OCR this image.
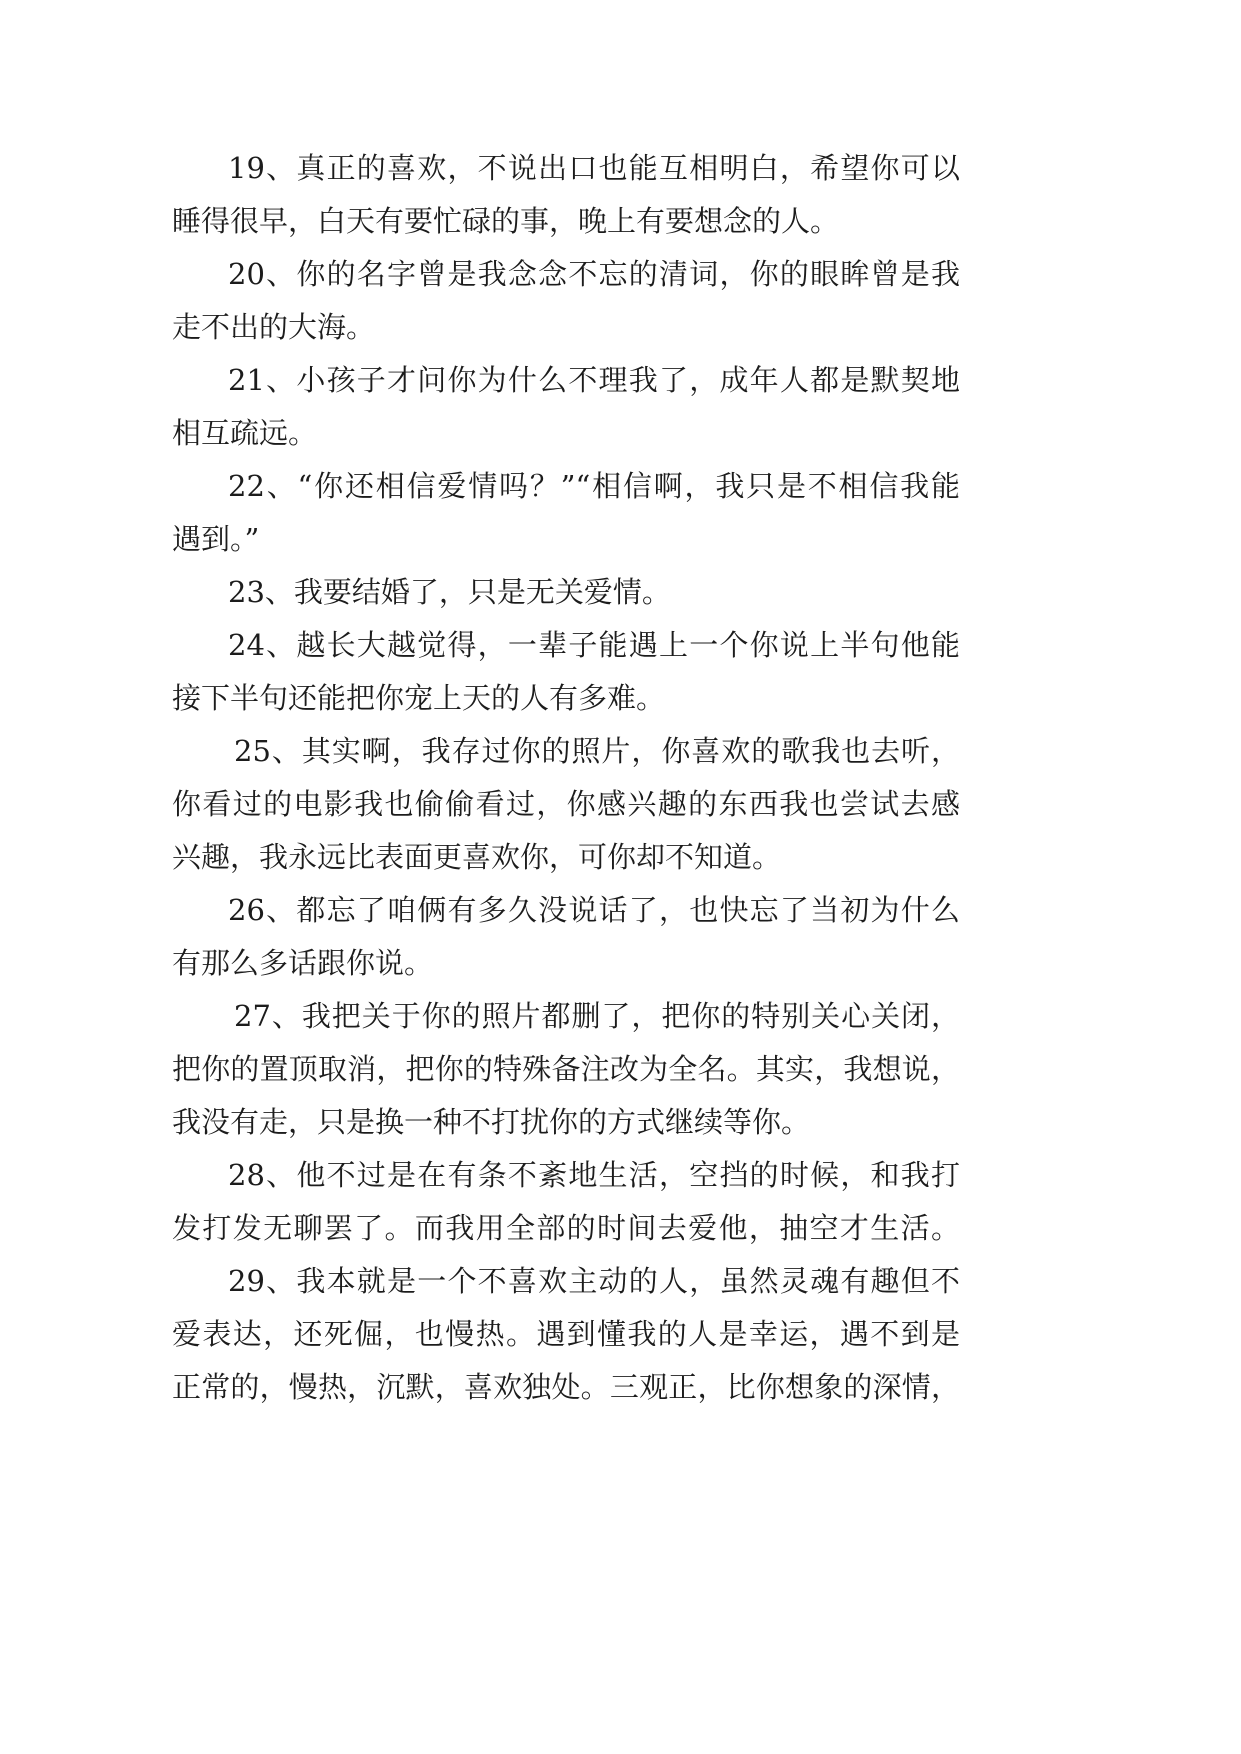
19、真正的喜欢，不说出口也能互相明白，希望你可以
睡得很早，白天有要忙碌的事，晚上有要想念的人。
20、你的名字曾是我念念不忘的清词，你的眼眸曾是我
走不出的大海。
21、小孩子才问你为什么不理我了，成年人都是默契地
相互疏远。
22、“你还相信爱情吗？”“相信啊，我只是不相信我能
遇到。”
23、我要结婚了，只是无关爱情。
24、越长大越觉得，一辈子能遇上一个你说上半句他能
接下半句还能把你宠上天的人有多难。
25、其实啊，我存过你的照片，你喜欢的歌我也去听，
你看过的电影我也偷偷看过，你感兴趣的东西我也尝试去感
兴趣，我永远比表面更喜欢你，可你却不知道。
26、都忘了咱俩有多久没说话了，也快忘了当初为什么
有那么多话跟你说。
27、我把关于你的照片都删了，把你的特别关心关闭，
把你的置顶取消，把你的特殊备注改为全名。其实，我想说，
我没有走，只是换一种不打扰你的方式继续等你。
28、他不过是在有条不紊地生活，空挡的时候，和我打
发打发无聊罢了。而我用全部的时间去爱他，抽空才生活。
29、我本就是一个不喜欢主动的人，虽然灵魂有趣但不
爱表达，还死倔，也慢热。遇到懂我的人是幸运，遇不到是
正常的，慢热，沉默，喜欢独处。三观正，比你想象的深情，
